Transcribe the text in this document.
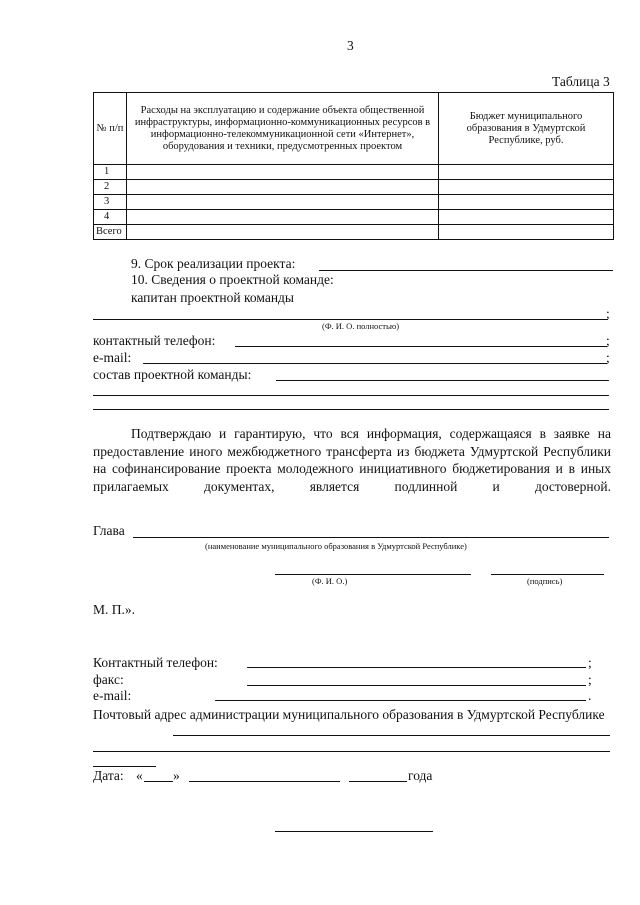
3
Таблица 3
№ п/п	Расходы на эксплуатацию и содержание объекта общественной инфраструктуры, информационно-коммуникационных ресурсов в информационно-телекоммуникационной сети «Интернет», оборудования и техники, предусмотренных проектом	Бюджет муниципального образования в Удмуртской Республике, руб.
1		
2		
3		
4		
Всего		
9. Срок реализации проекта:
10. Сведения о проектной команде:
капитан проектной команды
;
(Ф. И. О. полностью)
контактный телефон:	;
e-mail:	;
состав проектной команды:
Подтверждаю и гарантирую, что вся информация, содержащаяся в заявке на предоставление иного межбюджетного трансферта из бюджета Удмуртской Республики на софинансирование проекта молодежного инициативного бюджетирования и в иных прилагаемых документах, является подлинной и достоверной.
Глава
(наименование муниципального образования в Удмуртской Республике)
(Ф. И. О.)	(подпись)
М. П.».
Контактный телефон:	;
факс:	;
e-mail:	.
Почтовый адрес администрации муниципального образования в Удмуртской Республике
Дата: « »	года
